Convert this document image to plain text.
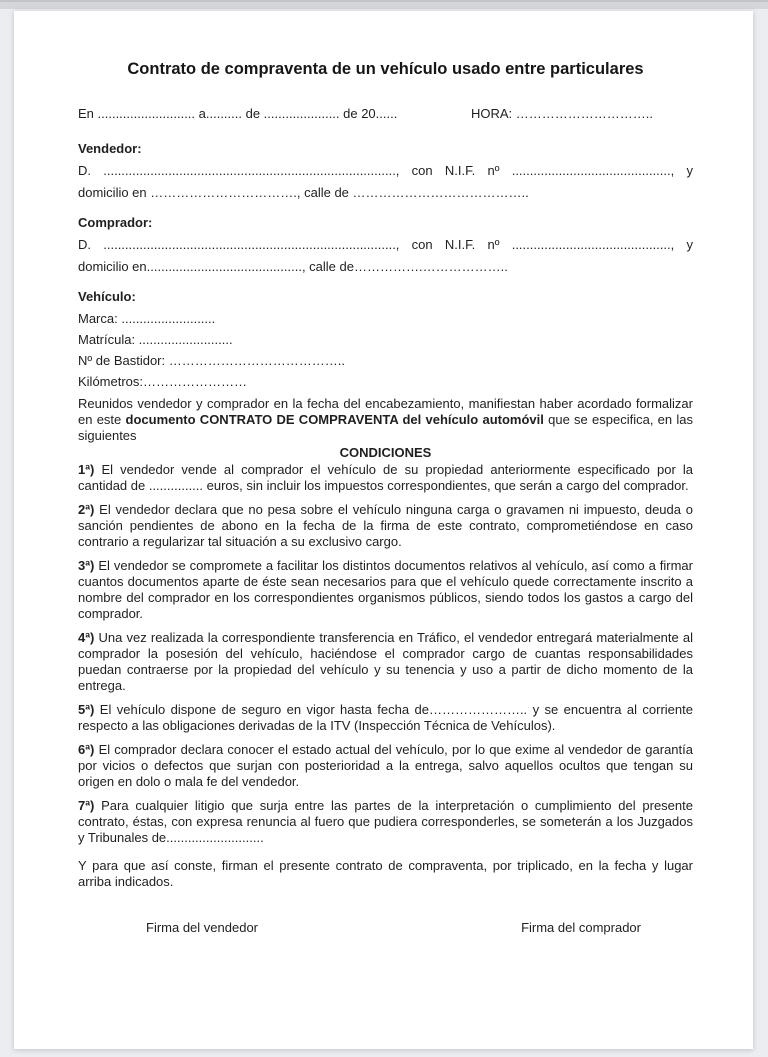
Contrato de compraventa de un vehículo usado entre particulares
En ........................... a.......... de ..................... de 20......	HORA: …………………………..
Vendedor:

D. ................................................................................., con N.I.F. nº ............................................, y

domicilio en ……………………………., calle de …………………………………..

Comprador:

D. ................................................................................., con N.I.F. nº ............................................, y

domicilio en..........................................., calle de…………….………………..

Vehículo:
Marca: ..........................
Matrícula: ..........................
Nº de Bastidor: …………………………………..
Kilómetros:……………………

Reunidos vendedor y comprador en la fecha del encabezamiento, manifiestan haber acordado formalizar en este documento CONTRATO DE COMPRAVENTA del vehículo automóvil que se especifica, en las siguientes

CONDICIONES

1ª) El vendedor vende al comprador el vehículo de su propiedad anteriormente especificado por la cantidad de ............... euros, sin incluir los impuestos correspondientes, que serán a cargo del comprador.

2ª) El vendedor declara que no pesa sobre el vehículo ninguna carga o gravamen ni impuesto, deuda o sanción pendientes de abono en la fecha de la firma de este contrato, comprometiéndose en caso contrario a regularizar tal situación a su exclusivo cargo.

3ª) El vendedor se compromete a facilitar los distintos documentos relativos al vehículo, así como a firmar cuantos documentos aparte de éste sean necesarios para que el vehículo quede correctamente inscrito a nombre del comprador en los correspondientes organismos públicos, siendo todos los gastos a cargo del comprador.

4ª) Una vez realizada la correspondiente transferencia en Tráfico, el vendedor entregará materialmente al comprador la posesión del vehículo, haciéndose el comprador cargo de cuantas responsabilidades puedan contraerse por la propiedad del vehículo y su tenencia y uso a partir de dicho momento de la entrega.

5ª) El vehículo dispone de seguro en vigor hasta fecha de………………….. y se encuentra al corriente respecto a las obligaciones derivadas de la ITV (Inspección Técnica de Vehículos).

6ª) El comprador declara conocer el estado actual del vehículo, por lo que exime al vendedor de garantía por vicios o defectos que surjan con posterioridad a la entrega, salvo aquellos ocultos que tengan su origen en dolo o mala fe del vendedor.

7ª) Para cualquier litigio que surja entre las partes de la interpretación o cumplimiento del presente contrato, éstas, con expresa renuncia al fuero que pudiera corresponderles, se someterán a los Juzgados y Tribunales de...........................

Y para que así conste, firman el presente contrato de compraventa, por triplicado, en la fecha y lugar arriba indicados.

Firma del vendedor	Firma del comprador
